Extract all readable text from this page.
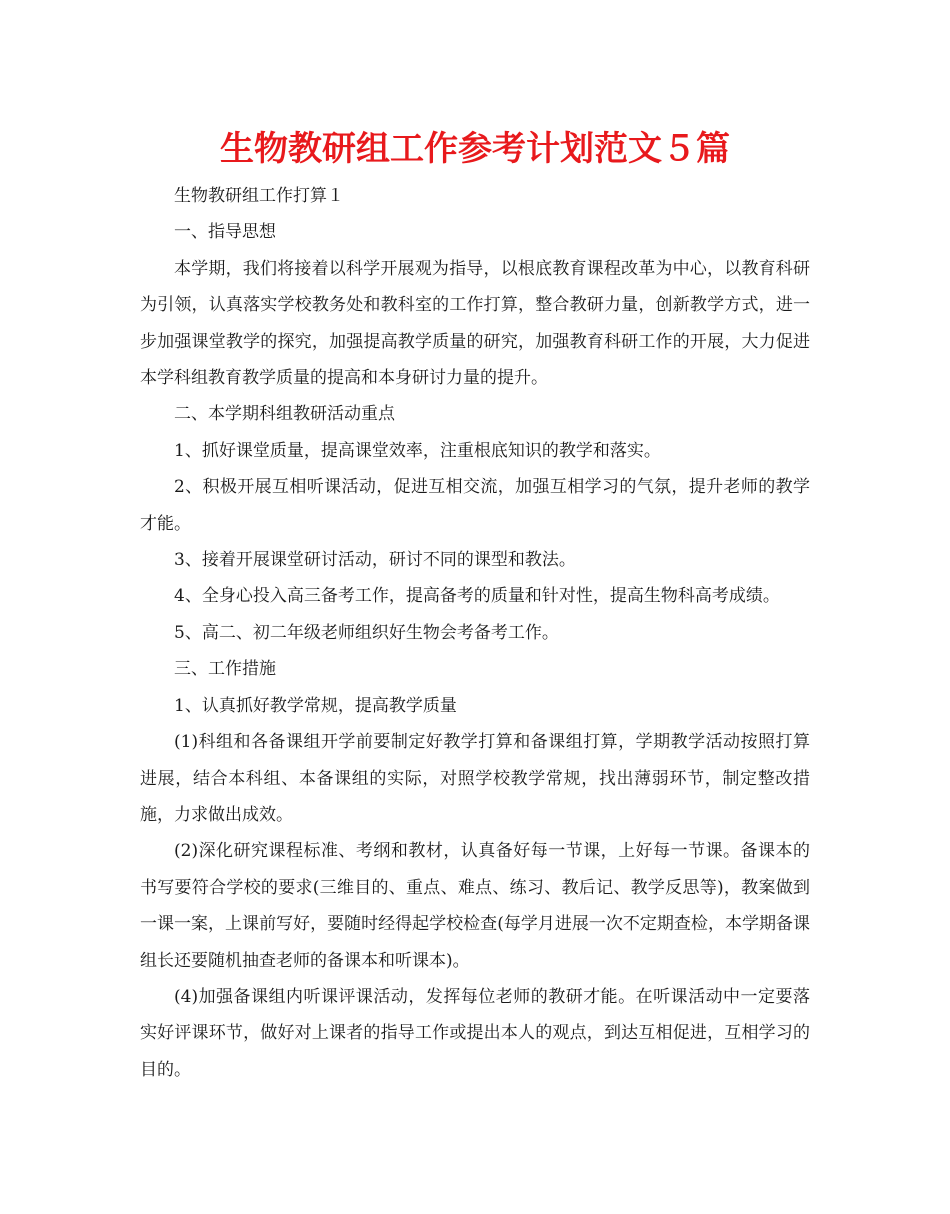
生物教研组工作参考计划范文５篇

生物教研组工作打算１

一、指导思想

本学期，我们将接着以科学开展观为指导，以根底教育课程改革为中心，以教育科研为引领，认真落实学校教务处和教科室的工作打算，整合教研力量，创新教学方式，进一步加强课堂教学的探究，加强提高教学质量的研究，加强教育科研工作的开展，大力促进本学科组教育教学质量的提高和本身研讨力量的提升。

二、本学期科组教研活动重点

1、抓好课堂质量，提高课堂效率，注重根底知识的教学和落实。

2、积极开展互相听课活动，促进互相交流，加强互相学习的气氛，提升老师的教学才能。

3、接着开展课堂研讨活动，研讨不同的课型和教法。

4、全身心投入高三备考工作，提高备考的质量和针对性，提高生物科高考成绩。

5、高二、初二年级老师组织好生物会考备考工作。

三、工作措施

1、认真抓好教学常规，提高教学质量

(1)科组和各备课组开学前要制定好教学打算和备课组打算，学期教学活动按照打算进展，结合本科组、本备课组的实际，对照学校教学常规，找出薄弱环节，制定整改措施，力求做出成效。

(2)深化研究课程标准、考纲和教材，认真备好每一节课，上好每一节课。备课本的书写要符合学校的要求(三维目的、重点、难点、练习、教后记、教学反思等)，教案做到一课一案，上课前写好，要随时经得起学校检查(每学月进展一次不定期查检，本学期备课组长还要随机抽查老师的备课本和听课本)。

(4)加强备课组内听课评课活动，发挥每位老师的教研才能。在听课活动中一定要落实好评课环节，做好对上课者的指导工作或提出本人的观点，到达互相促进，互相学习的目的。
